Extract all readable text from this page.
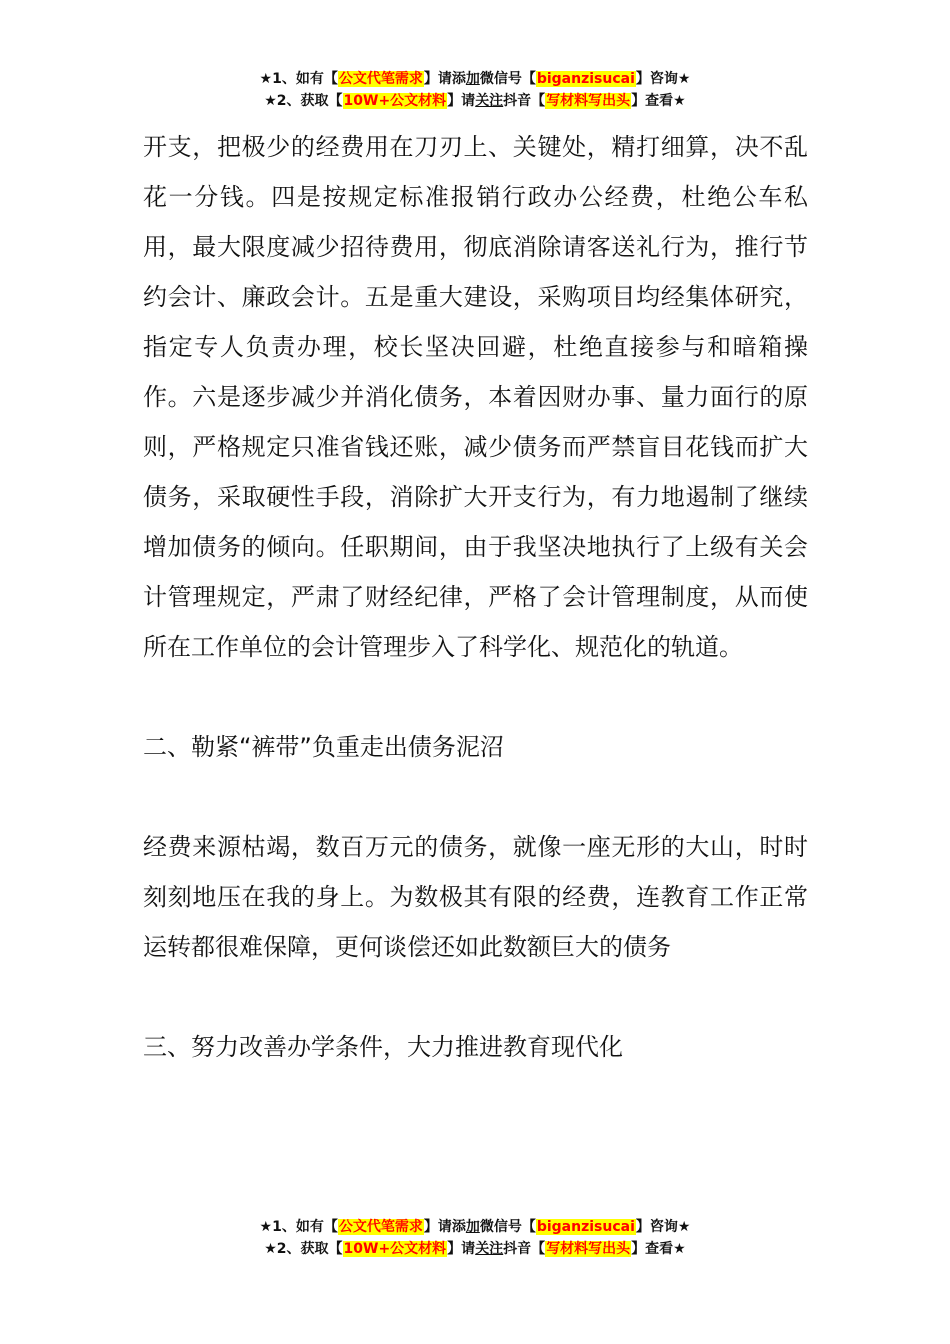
★1、如有【公文代笔需求】请添加微信号【biganzisucai】咨询★
★2、获取【10W+公文材料】请关注抖音【写材料写出头】查看★

开支，把极少的经费用在刀刃上、关键处，精打细算，决不乱花一分钱。四是按规定标准报销行政办公经费，杜绝公车私用，最大限度减少招待费用，彻底消除请客送礼行为，推行节约会计、廉政会计。五是重大建设，采购项目均经集体研究，指定专人负责办理，校长坚决回避，杜绝直接参与和暗箱操作。六是逐步减少并消化债务，本着因财办事、量力面行的原则，严格规定只准省钱还账，减少债务而严禁盲目花钱而扩大债务，采取硬性手段，消除扩大开支行为，有力地遏制了继续增加债务的倾向。任职期间，由于我坚决地执行了上级有关会计管理规定，严肃了财经纪律，严格了会计管理制度，从而使所在工作单位的会计管理步入了科学化、规范化的轨道。

二、勒紧“裤带”负重走出债务泥沼

经费来源枯竭，数百万元的债务，就像一座无形的大山，时时刻刻地压在我的身上。为数极其有限的经费，连教育工作正常运转都很难保障，更何谈偿还如此数额巨大的债务

三、努力改善办学条件，大力推进教育现代化

★1、如有【公文代笔需求】请添加微信号【biganzisucai】咨询★
★2、获取【10W+公文材料】请关注抖音【写材料写出头】查看★
